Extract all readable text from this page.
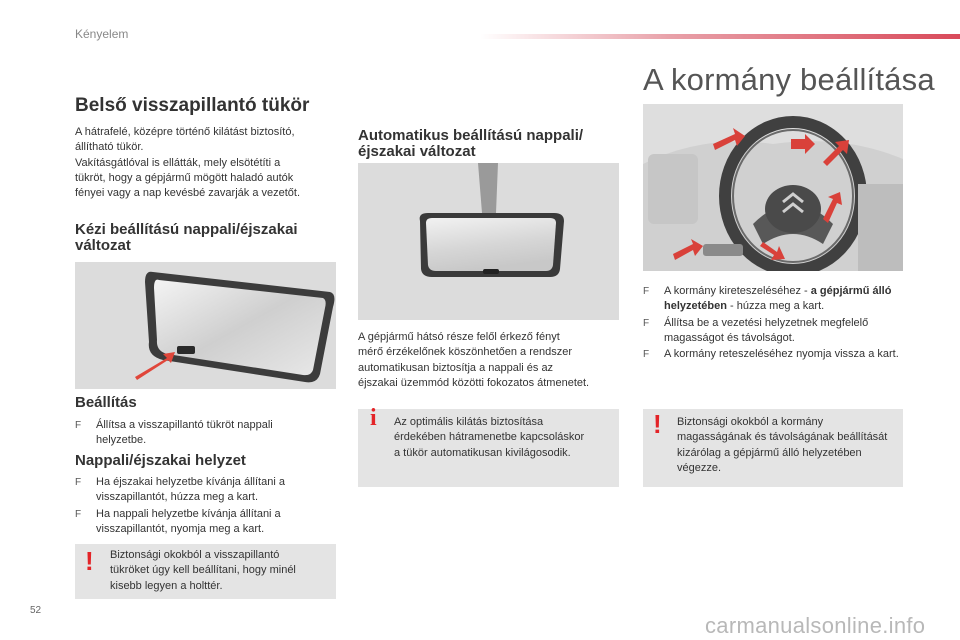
Kényelem
Belső visszapillantó tükör
A hátrafelé, középre történő kilátást biztosító,
állítható tükör.
Vakításgátlóval is ellátták, mely elsötétíti a
tükröt, hogy a gépjármű mögött haladó autók
fényei vagy a nap kevésbé zavarják a vezetőt.
Kézi beállítású nappali/éjszakai
változat
Beállítás
F	Állítsa a visszapillantó tükröt nappali
helyzetbe.
Nappali/éjszakai helyzet
F	Ha éjszakai helyzetbe kívánja állítani a
visszapillantót, húzza meg a kart.
F	Ha nappali helyzetbe kívánja állítani a
visszapillantót, nyomja meg a kart.
! Biztonsági okokból a visszapillantó
tükröket úgy kell beállítani, hogy minél
kisebb legyen a holttér.
Automatikus beállítású nappali/
éjszakai változat
A gépjármű hátsó része felől érkező fényt
mérő érzékelőnek köszönhetően a rendszer
automatikusan biztosítja a nappali és az
éjszakai üzemmód közötti fokozatos átmenetet.
i Az optimális kilátás biztosítása
érdekében hátramenetbe kapcsoláskor
a tükör automatikusan kivilágosodik.
A kormány beállítása
F	A kormány kireteszeléséhez - a gépjármű álló helyzetében - húzza meg a kart.
F	Állítsa be a vezetési helyzetnek megfelelő magasságot és távolságot.
F	A kormány reteszeléséhez nyomja vissza a kart.
! Biztonsági okokból a kormány magasságának és távolságának beállítását kizárólag a gépjármű álló helyzetében végezze.
52
carmanualsonline.info
